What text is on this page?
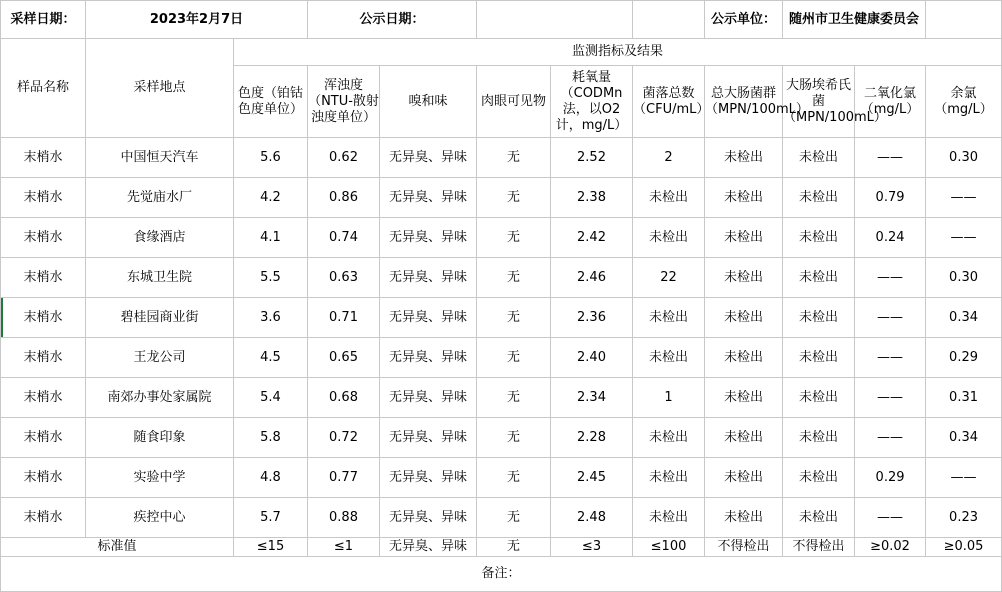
采样日期：	2023年2月7日		公示日期：					公示单位：	随州市卫生健康委员会		
样品名称	采样地点	监测指标及结果									
		色度（铂钴色度单位）	浑浊度（NTU-散射浊度单位）	嗅和味	肉眼可见物	耗氧量（CODMn法，以O2计，mg/L）	菌落总数（CFU/mL）	总大肠菌群（MPN/100mL）	大肠埃希氏菌（MPN/100mL）	二氧化氯（mg/L）	余氯（mg/L）
末梢水	中国恒天汽车	5.6	0.62	无异臭、异味	无	2.52	2	未检出	未检出	——	0.30
末梢水	先觉庙水厂	4.2	0.86	无异臭、异味	无	2.38	未检出	未检出	未检出	0.79	——
末梢水	食缘酒店	4.1	0.74	无异臭、异味	无	2.42	未检出	未检出	未检出	0.24	——
末梢水	东城卫生院	5.5	0.63	无异臭、异味	无	2.46	22	未检出	未检出	——	0.30
末梢水	碧桂园商业街	3.6	0.71	无异臭、异味	无	2.36	未检出	未检出	未检出	——	0.34
末梢水	王龙公司	4.5	0.65	无异臭、异味	无	2.40	未检出	未检出	未检出	——	0.29
末梢水	南郊办事处家属院	5.4	0.68	无异臭、异味	无	2.34	1	未检出	未检出	——	0.31
末梢水	随食印象	5.8	0.72	无异臭、异味	无	2.28	未检出	未检出	未检出	——	0.34
末梢水	实验中学	4.8	0.77	无异臭、异味	无	2.45	未检出	未检出	未检出	0.29	——
末梢水	疾控中心	5.7	0.88	无异臭、异味	无	2.48	未检出	未检出	未检出	——	0.23
标准值		≤15	≤1	无异臭、异味	无	≤3	≤100	不得检出	不得检出	≥0.02	≥0.05
备注：											
